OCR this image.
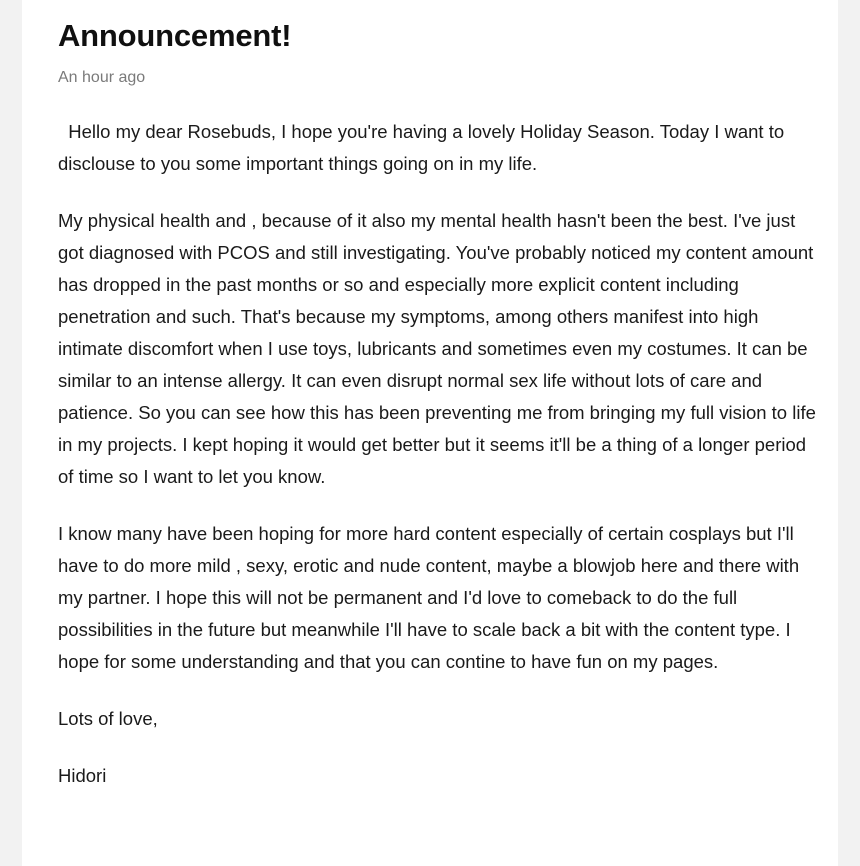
Announcement!
An hour ago

Hello my dear Rosebuds, I hope you're having a lovely Holiday Season. Today I want to disclouse to you some important things going on in my life.

My physical health and , because of it also my mental health hasn't been the best. I've just got diagnosed with PCOS and still investigating. You've probably noticed my content amount has dropped in the past months or so and especially more explicit content including penetration and such. That's because my symptoms, among others manifest into high intimate discomfort when I use toys, lubricants and sometimes even my costumes. It can be similar to an intense allergy. It can even disrupt normal sex life without lots of care and patience. So you can see how this has been preventing me from bringing my full vision to life in my projects. I kept hoping it would get better but it seems it'll be a thing of a longer period of time so I want to let you know.

I know many have been hoping for more hard content especially of certain cosplays but I'll have to do more mild , sexy, erotic and nude content, maybe a blowjob here and there with my partner. I hope this will not be permanent and I'd love to comeback to do the full possibilities in the future but meanwhile I'll have to scale back a bit with the content type. I hope for some understanding and that you can contine to have fun on my pages.

Lots of love,

Hidori
